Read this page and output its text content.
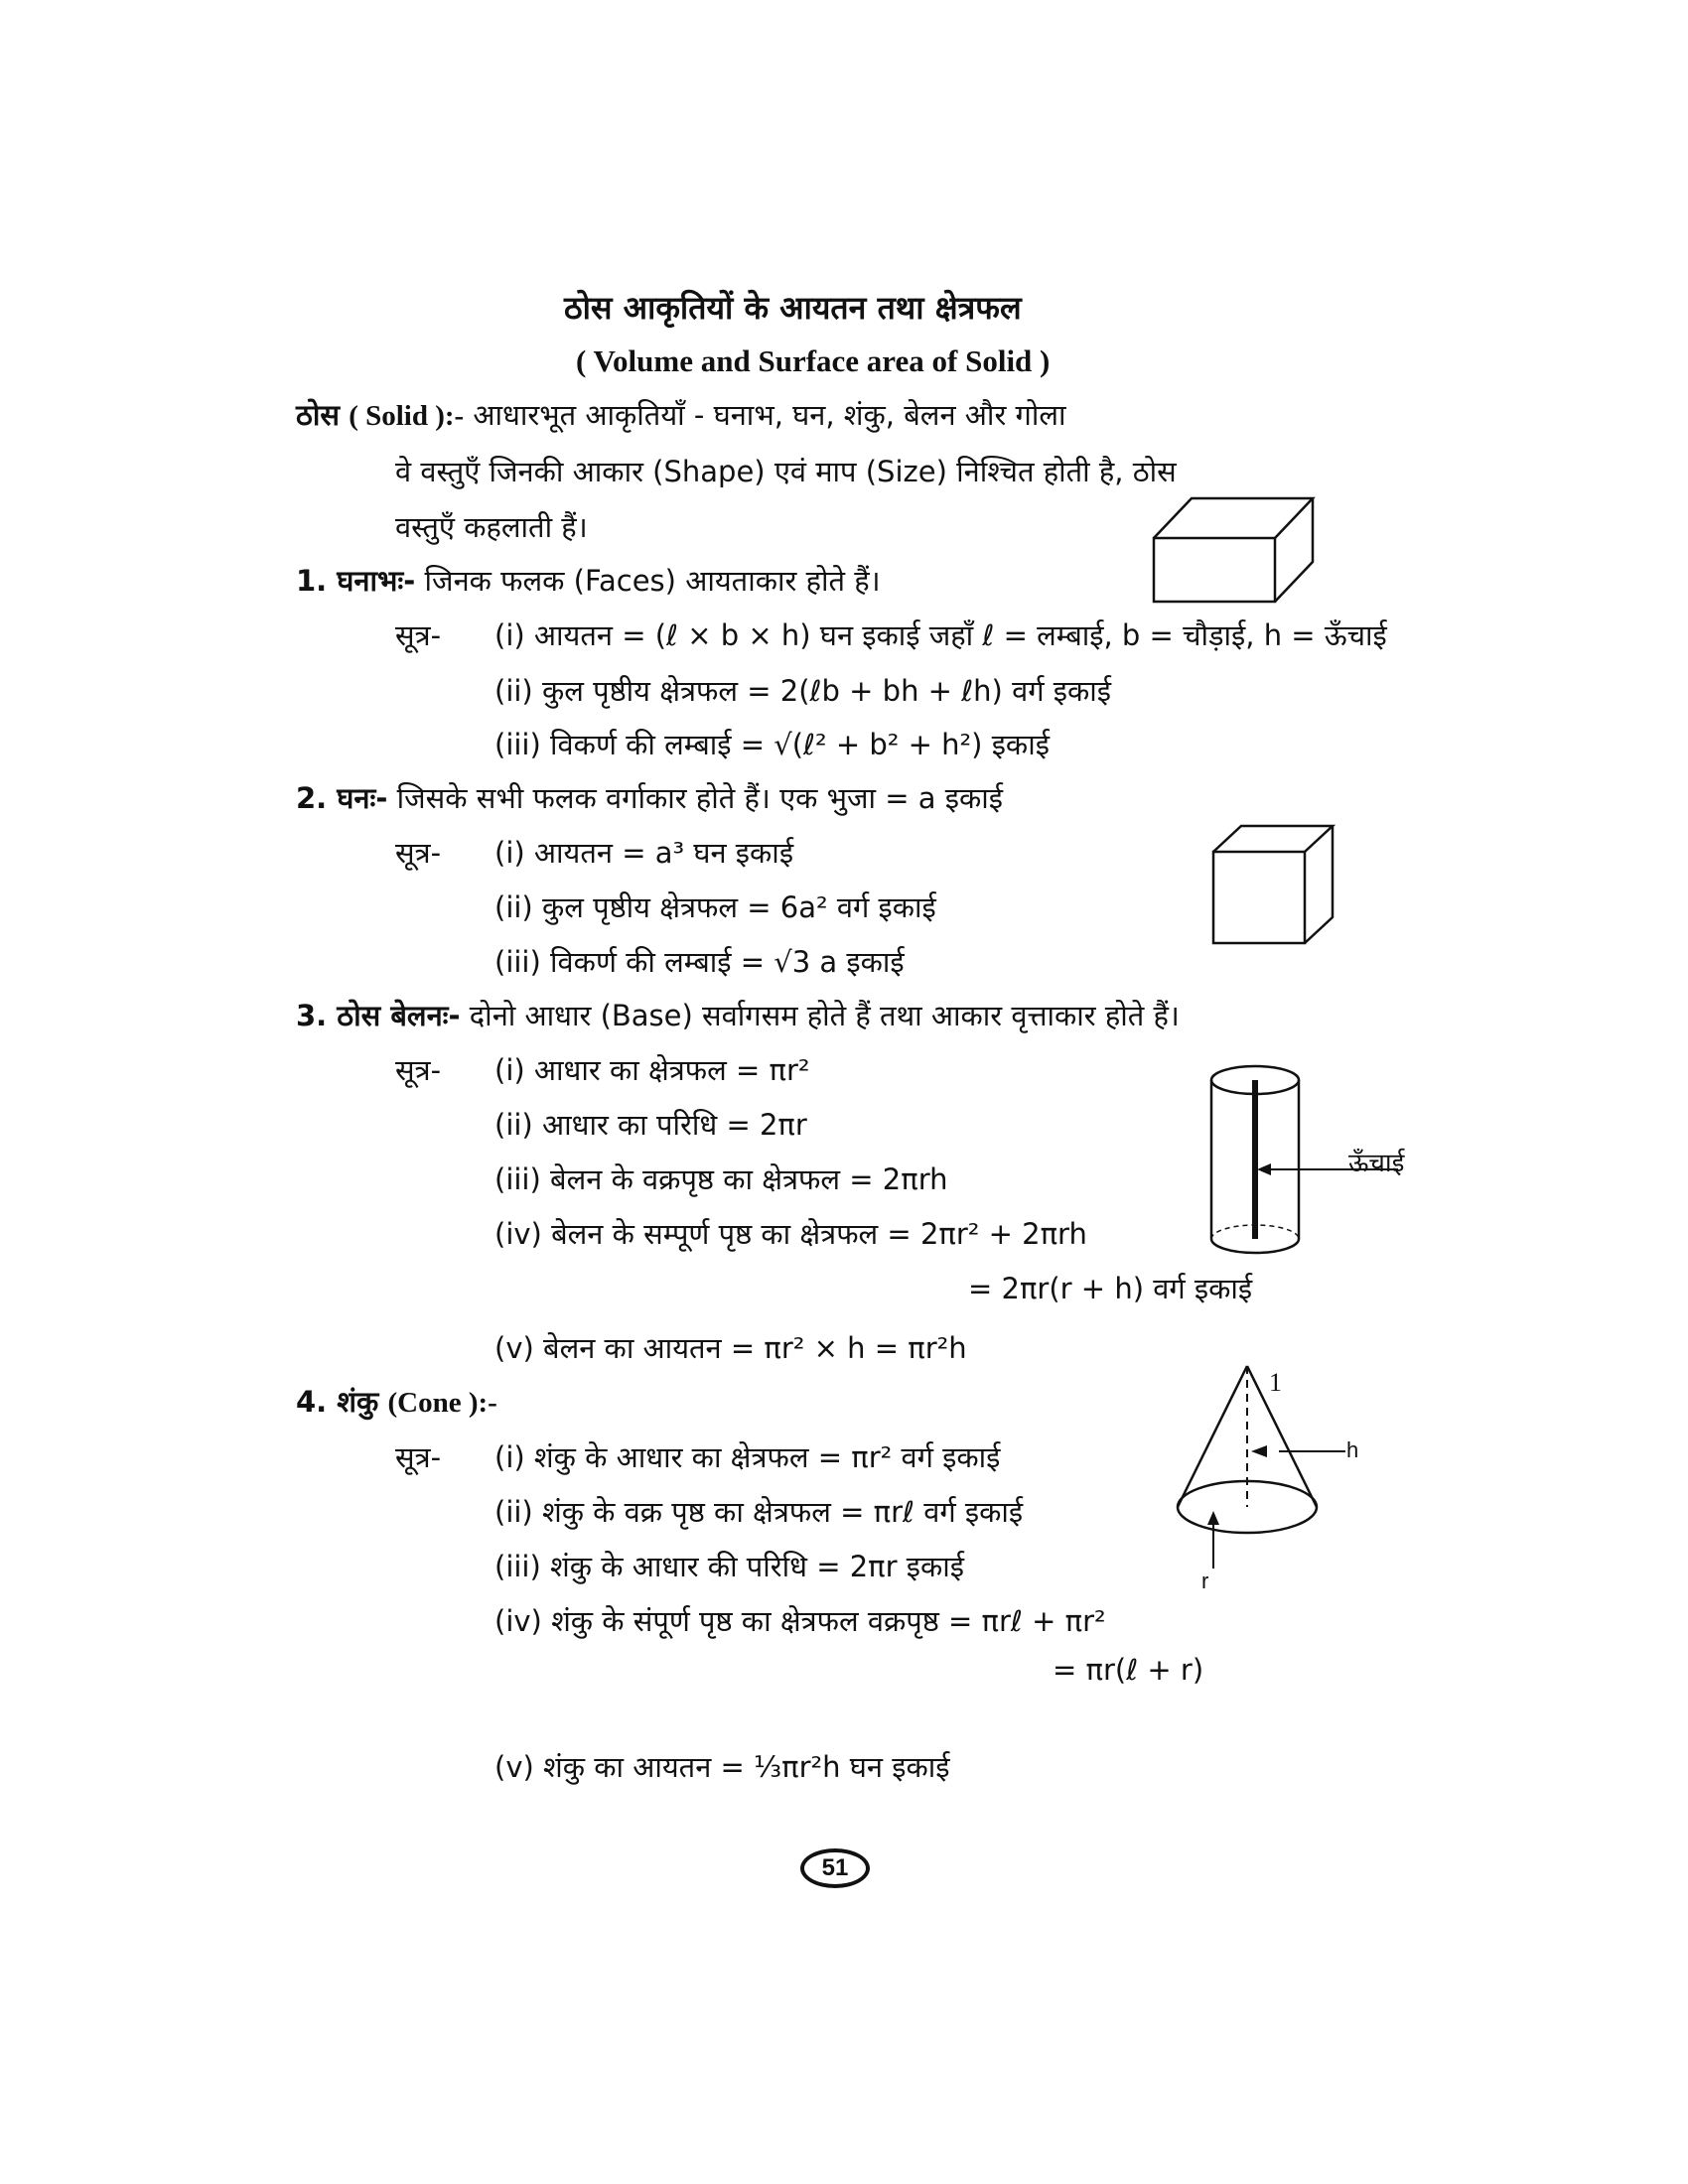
ठोस आकृतियों के आयतन तथा क्षेत्रफल
( Volume and Surface area of Solid )
ठोस ( Solid ):- आधारभूत आकृतियाँ - घनाभ, घन, शंकु, बेलन और गोला
वे वस्तुएँ जिनकी आकार (Shape) एवं माप (Size) निश्चित होती है, ठोस
वस्तुएँ कहलाती हैं।
1. घनाभः- जिनक फलक (Faces) आयताकार होते हैं।
सूत्र- (i) आयतन = (ℓ × b × h) घन इकाई जहाँ ℓ = लम्बाई, b = चौड़ाई, h = ऊँचाई
(ii) कुल पृष्ठीय क्षेत्रफल = 2(ℓb + bh + ℓh) वर्ग इकाई
(iii) विकर्ण की लम्बाई = √(ℓ² + b² + h²) इकाई
2. घनः- जिसके सभी फलक वर्गाकार होते हैं। एक भुजा = a इकाई
सूत्र- (i) आयतन = a³ घन इकाई
(ii) कुल पृष्ठीय क्षेत्रफल = 6a² वर्ग इकाई
(iii) विकर्ण की लम्बाई = √3 a इकाई
3. ठोस बेलनः- दोनो आधार (Base) सर्वागसम होते हैं तथा आकार वृत्ताकार होते हैं।
सूत्र- (i) आधार का क्षेत्रफल = πr²
(ii) आधार का परिधि = 2πr
(iii) बेलन के वक्रपृष्ठ का क्षेत्रफल = 2πrh
(iv) बेलन के सम्पूर्ण पृष्ठ का क्षेत्रफल = 2πr² + 2πrh
= 2πr(r + h) वर्ग इकाई
(v) बेलन का आयतन = πr² × h = πr²h
ऊँचाई
4. शंकु (Cone ):-
सूत्र- (i) शंकु के आधार का क्षेत्रफल = πr² वर्ग इकाई
(ii) शंकु के वक्र पृष्ठ का क्षेत्रफल = πrℓ वर्ग इकाई
(iii) शंकु के आधार की परिधि = 2πr इकाई
(iv) शंकु के संपूर्ण पृष्ठ का क्षेत्रफल वक्रपृष्ठ = πrℓ + πr²
= πr(ℓ + r)
(v) शंकु का आयतन = ⅓πr²h घन इकाई
1
h
r
51
